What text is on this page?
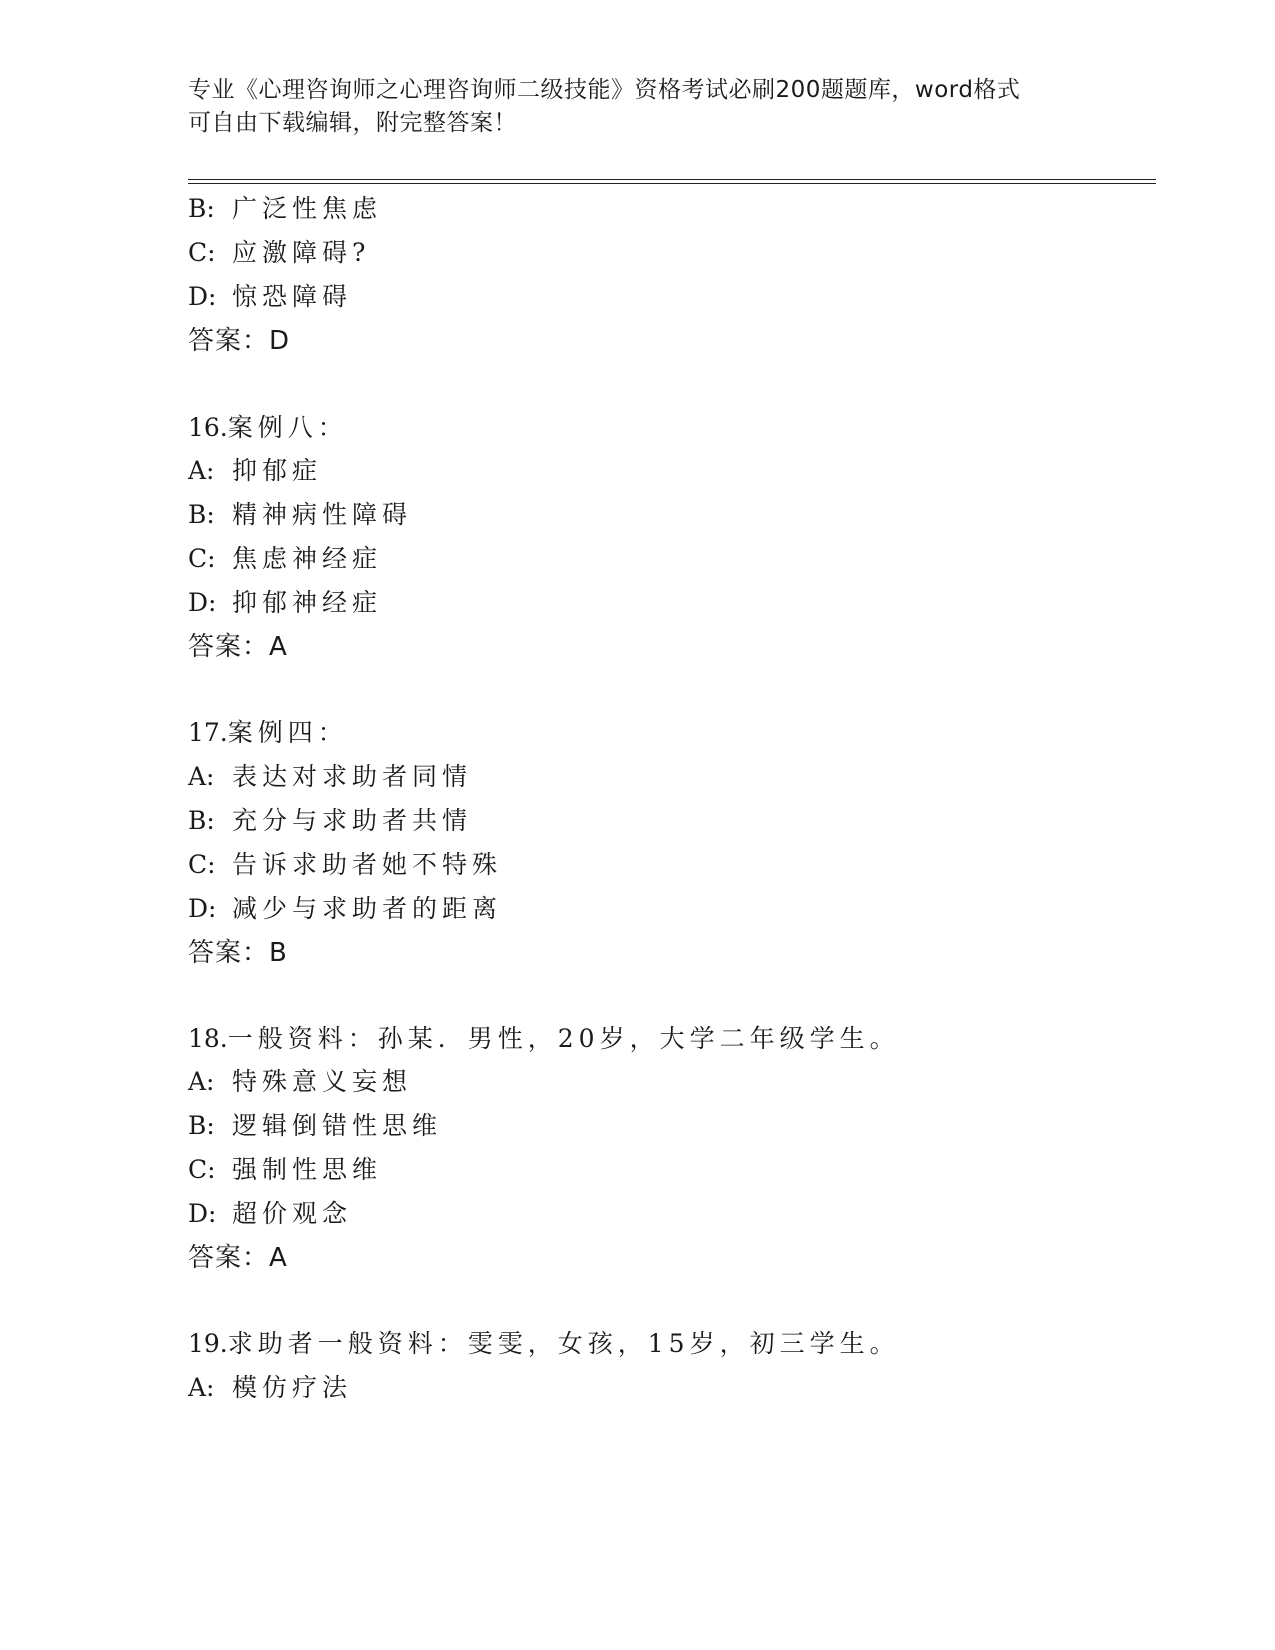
专业《心理咨询师之心理咨询师二级技能》资格考试必刷200题题库，word格式
可自由下载编辑，附完整答案！
B: 广泛性焦虑
C: 应激障碍?
D: 惊恐障碍
答案：D
16.案例八：
A: 抑郁症
B: 精神病性障碍
C: 焦虑神经症
D: 抑郁神经症
答案：A
17.案例四：
A: 表达对求助者同情
B: 充分与求助者共情
C: 告诉求助者她不特殊
D: 减少与求助者的距离
答案：B
18.一般资料：孙某．男性，20岁，大学二年级学生。
A: 特殊意义妄想
B: 逻辑倒错性思维
C: 强制性思维
D: 超价观念
答案：A
19.求助者一般资料：雯雯，女孩，15岁，初三学生。
A: 模仿疗法
